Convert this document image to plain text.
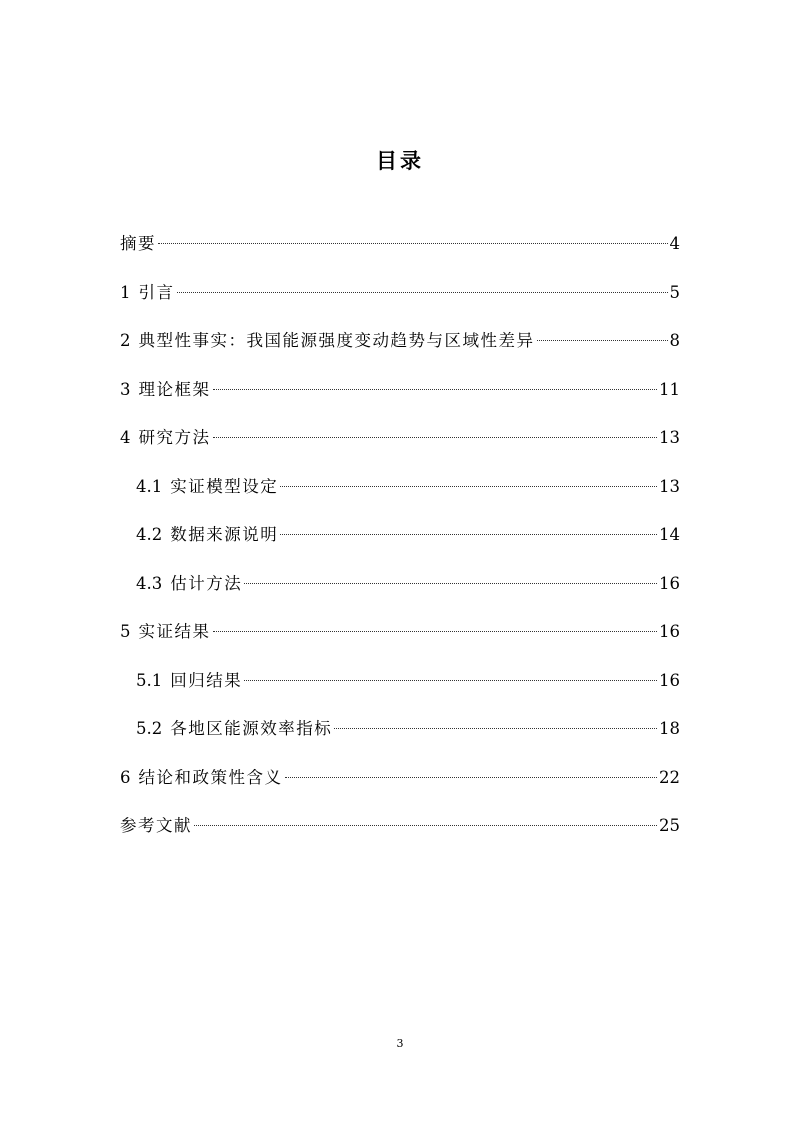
目录
摘要	4
1 引言	5
2 典型性事实：我国能源强度变动趋势与区域性差异	8
3 理论框架	11
4 研究方法	13
4.1 实证模型设定	13
4.2 数据来源说明	14
4.3 估计方法	16
5 实证结果	16
5.1 回归结果	16
5.2 各地区能源效率指标	18
6 结论和政策性含义	22
参考文献	25
3
